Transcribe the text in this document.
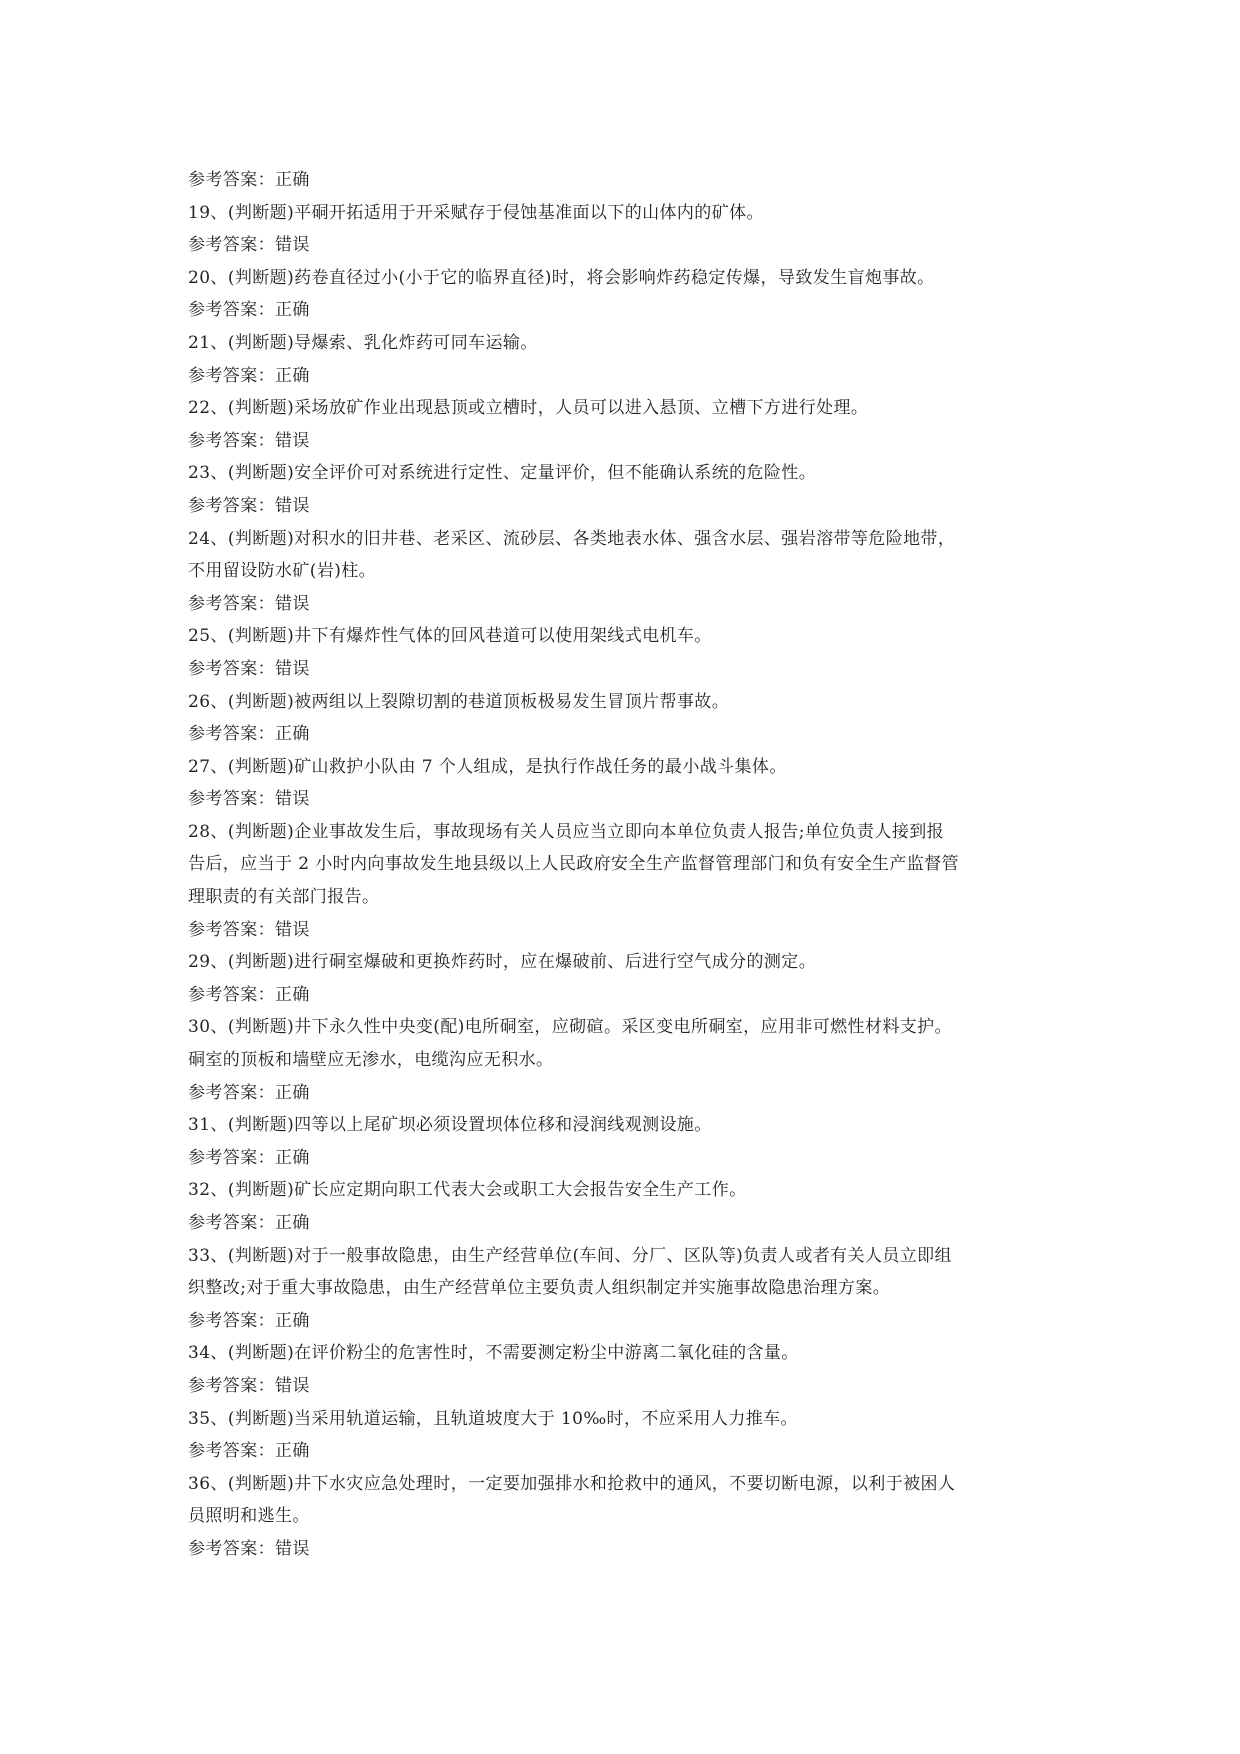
参考答案：正确
19、(判断题)平硐开拓适用于开采赋存于侵蚀基准面以下的山体内的矿体。
参考答案：错误
20、(判断题)药卷直径过小(小于它的临界直径)时，将会影响炸药稳定传爆，导致发生盲炮事故。
参考答案：正确
21、(判断题)导爆索、乳化炸药可同车运输。
参考答案：正确
22、(判断题)采场放矿作业出现悬顶或立槽时，人员可以进入悬顶、立槽下方进行处理。
参考答案：错误
23、(判断题)安全评价可对系统进行定性、定量评价，但不能确认系统的危险性。
参考答案：错误
24、(判断题)对积水的旧井巷、老采区、流砂层、各类地表水体、强含水层、强岩溶带等危险地带，
不用留设防水矿(岩)柱。
参考答案：错误
25、(判断题)井下有爆炸性气体的回风巷道可以使用架线式电机车。
参考答案：错误
26、(判断题)被两组以上裂隙切割的巷道顶板极易发生冒顶片帮事故。
参考答案：正确
27、(判断题)矿山救护小队由 7 个人组成，是执行作战任务的最小战斗集体。
参考答案：错误
28、(判断题)企业事故发生后，事故现场有关人员应当立即向本单位负责人报告;单位负责人接到报
告后，应当于 2 小时内向事故发生地县级以上人民政府安全生产监督管理部门和负有安全生产监督管
理职责的有关部门报告。
参考答案：错误
29、(判断题)进行硐室爆破和更换炸药时，应在爆破前、后进行空气成分的测定。
参考答案：正确
30、(判断题)井下永久性中央变(配)电所硐室，应砌碹。采区变电所硐室，应用非可燃性材料支护。
硐室的顶板和墙壁应无渗水，电缆沟应无积水。
参考答案：正确
31、(判断题)四等以上尾矿坝必须设置坝体位移和浸润线观测设施。
参考答案：正确
32、(判断题)矿长应定期向职工代表大会或职工大会报告安全生产工作。
参考答案：正确
33、(判断题)对于一般事故隐患，由生产经营单位(车间、分厂、区队等)负责人或者有关人员立即组
织整改;对于重大事故隐患，由生产经营单位主要负责人组织制定并实施事故隐患治理方案。
参考答案：正确
34、(判断题)在评价粉尘的危害性时，不需要测定粉尘中游离二氧化硅的含量。
参考答案：错误
35、(判断题)当采用轨道运输，且轨道坡度大于 10‰时，不应采用人力推车。
参考答案：正确
36、(判断题)井下水灾应急处理时，一定要加强排水和抢救中的通风，不要切断电源，以利于被困人
员照明和逃生。
参考答案：错误
